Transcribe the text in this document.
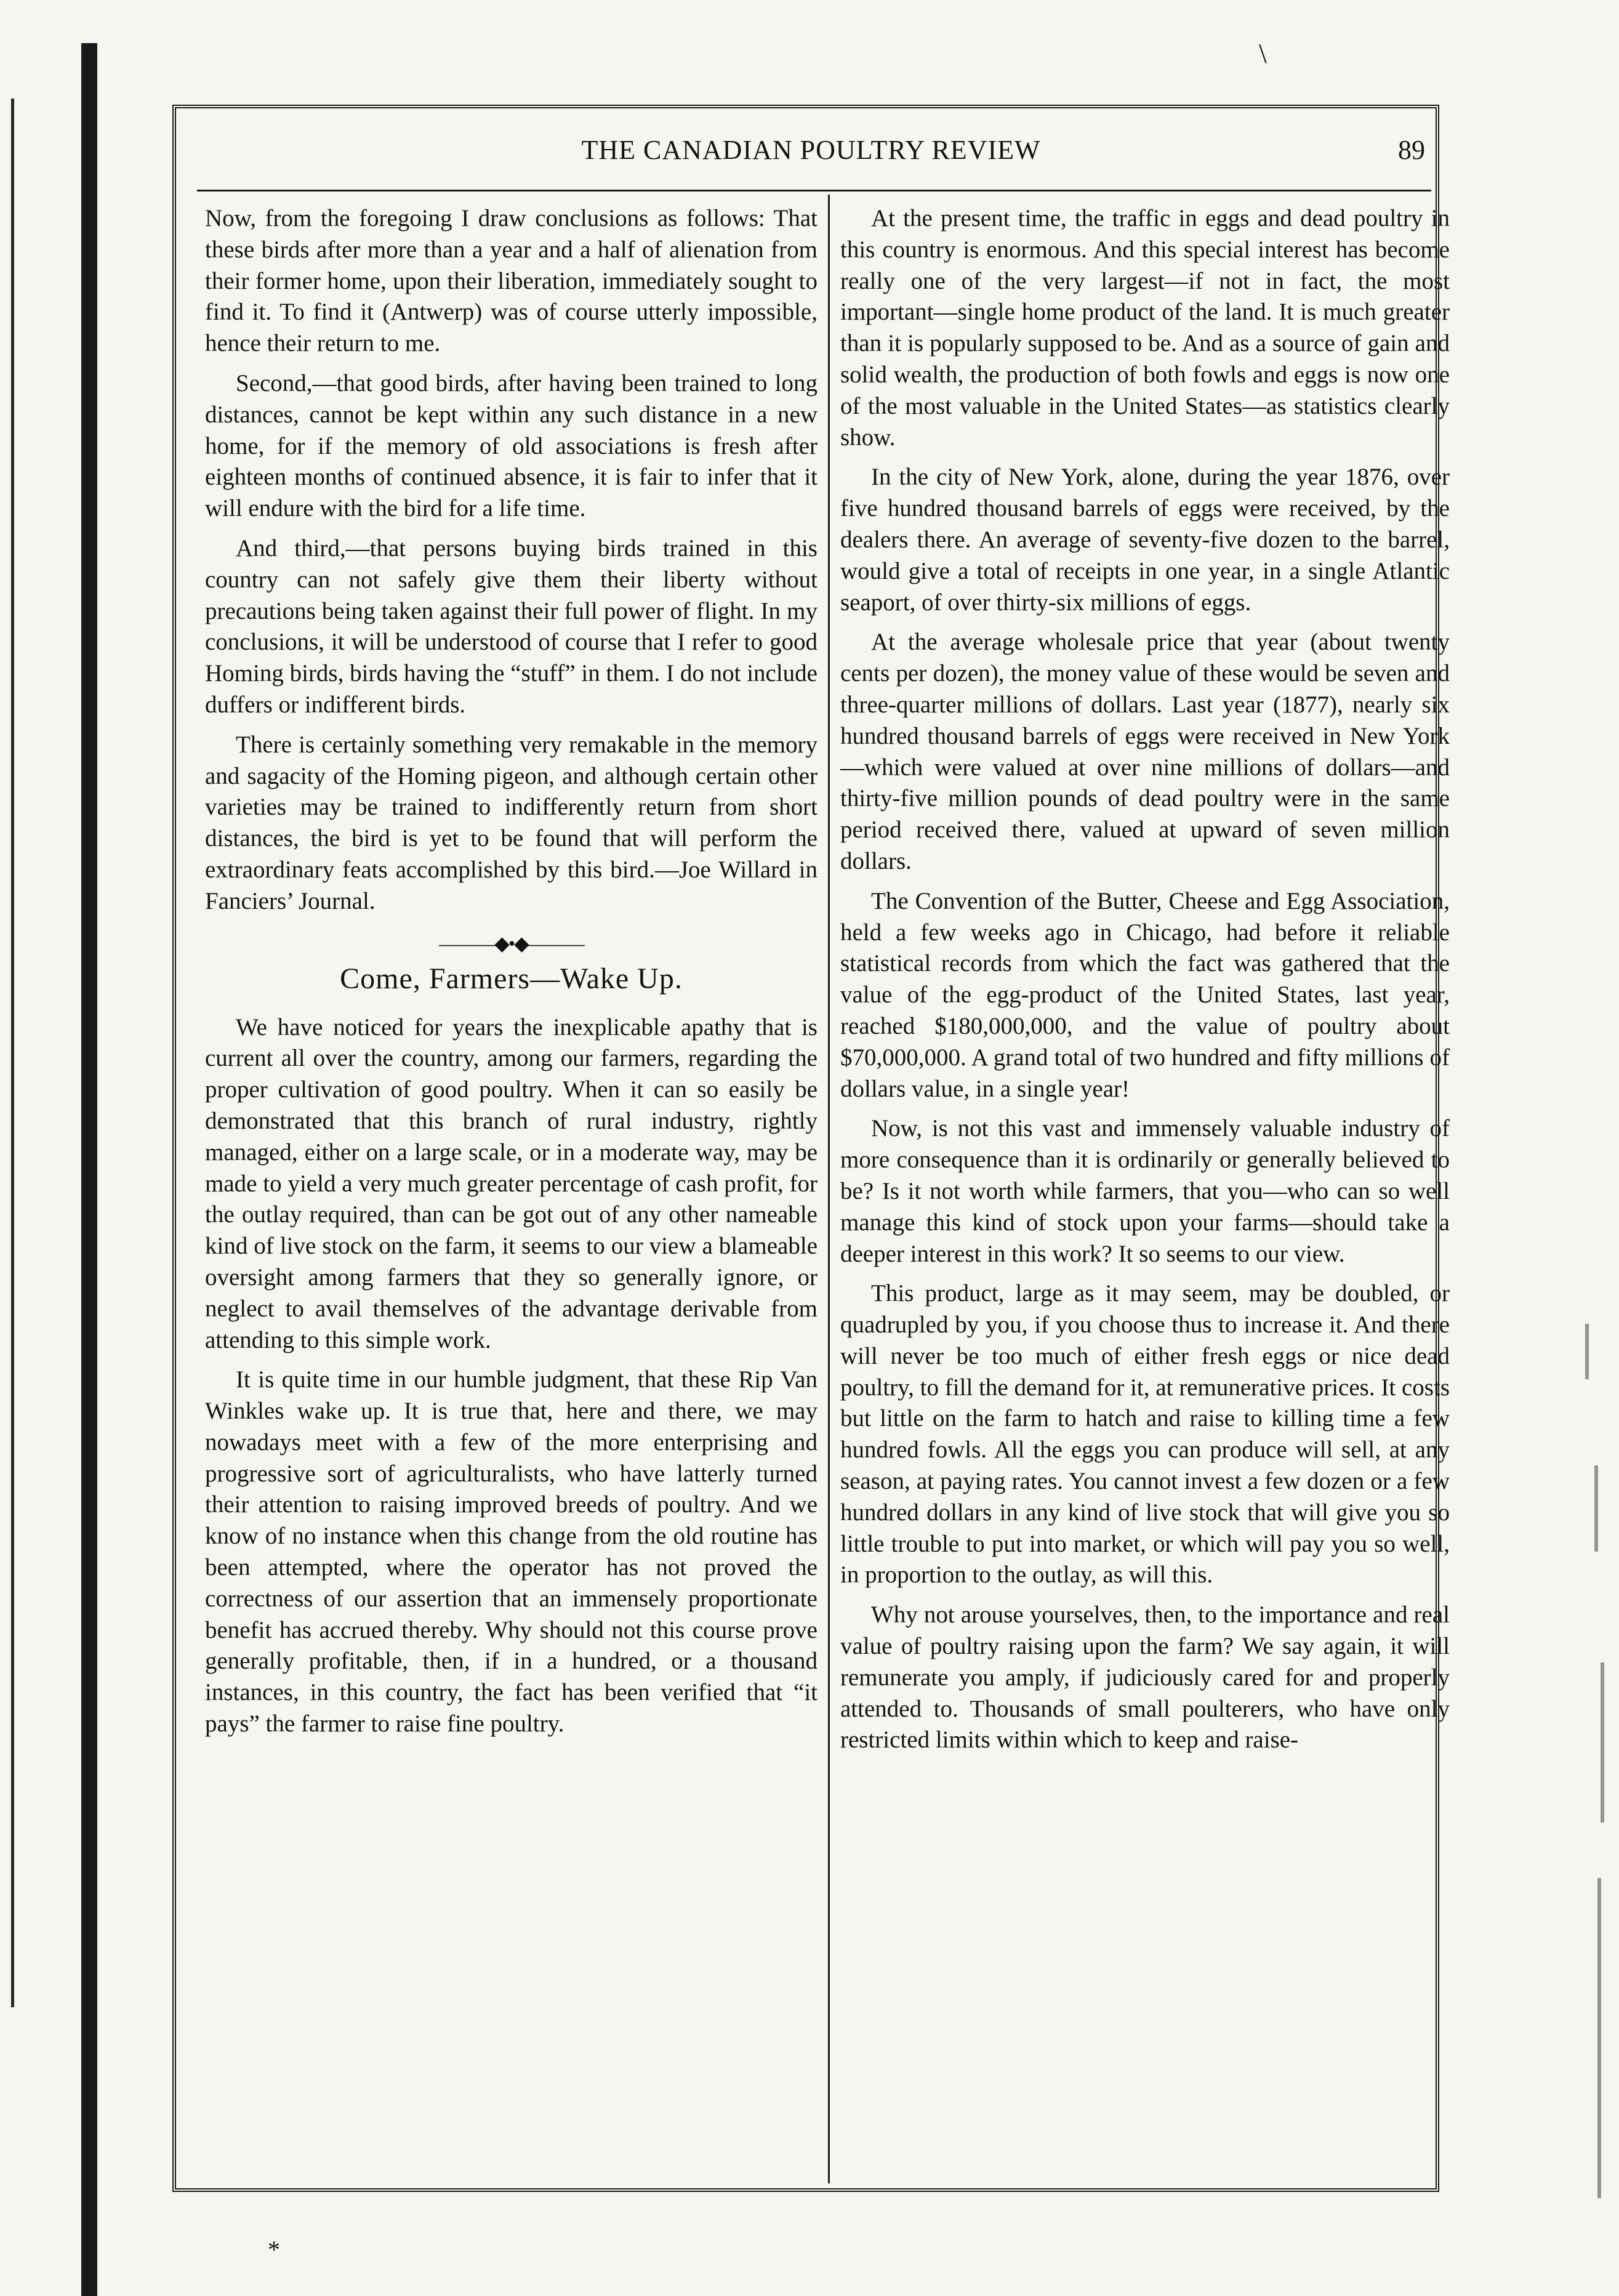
\
THE CANADIAN POULTRY REVIEW	89

Now, from the foregoing I draw conclusions as follows: That these birds after more than a year and a half of alienation from their former home, upon their liberation, immediately sought to find it. To find it (Antwerp) was of course utterly impossible, hence their return to me.

Second,—that good birds, after having been trained to long distances, cannot be kept within any such distance in a new home, for if the memory of old associations is fresh after eighteen months of continued absence, it is fair to infer that it will endure with the bird for a life time.

And third,—that persons buying birds trained in this country can not safely give them their liberty without precautions being taken against their full power of flight. In my conclusions, it will be understood of course that I refer to good Homing birds, birds having the “stuff” in them. I do not include duffers or indifferent birds.

There is certainly something very remakable in the memory and sagacity of the Homing pigeon, and although certain other varieties may be trained to indifferently return from short distances, the bird is yet to be found that will perform the extraordinary feats accomplished by this bird.—Joe Willard in Fanciers’ Journal.

———◆•◆———
Come, Farmers—Wake Up.

We have noticed for years the inexplicable apathy that is current all over the country, among our farmers, regarding the proper cultivation of good poultry. When it can so easily be demonstrated that this branch of rural industry, rightly managed, either on a large scale, or in a moderate way, may be made to yield a very much greater percentage of cash profit, for the outlay required, than can be got out of any other nameable kind of live stock on the farm, it seems to our view a blameable oversight among farmers that they so generally ignore, or neglect to avail themselves of the advantage derivable from attending to this simple work.

It is quite time in our humble judgment, that these Rip Van Winkles wake up. It is true that, here and there, we may nowadays meet with a few of the more enterprising and progressive sort of agriculturalists, who have latterly turned their attention to raising improved breeds of poultry. And we know of no instance when this change from the old routine has been attempted, where the operator has not proved the correctness of our assertion that an immensely proportionate benefit has accrued thereby. Why should not this course prove generally profitable, then, if in a hundred, or a thousand instances, in this country, the fact has been verified that “it pays” the farmer to raise fine poultry.

At the present time, the traffic in eggs and dead poultry in this country is enormous. And this special interest has become really one of the very largest—if not in fact, the most important—single home product of the land. It is much greater than it is popularly supposed to be. And as a source of gain and solid wealth, the production of both fowls and eggs is now one of the most valuable in the United States—as statistics clearly show.

In the city of New York, alone, during the year 1876, over five hundred thousand barrels of eggs were received, by the dealers there. An average of seventy-five dozen to the barrel, would give a total of receipts in one year, in a single Atlantic seaport, of over thirty-six millions of eggs.

At the average wholesale price that year (about twenty cents per dozen), the money value of these would be seven and three-quarter millions of dollars. Last year (1877), nearly six hundred thousand barrels of eggs were received in New York—which were valued at over nine millions of dollars—and thirty-five million pounds of dead poultry were in the same period received there, valued at upward of seven million dollars.

The Convention of the Butter, Cheese and Egg Association, held a few weeks ago in Chicago, had before it reliable statistical records from which the fact was gathered that the value of the egg-product of the United States, last year, reached $180,000,000, and the value of poultry about $70,000,000. A grand total of two hundred and fifty millions of dollars value, in a single year!

Now, is not this vast and immensely valuable industry of more consequence than it is ordinarily or generally believed to be? Is it not worth while farmers, that you—who can so well manage this kind of stock upon your farms—should take a deeper interest in this work? It so seems to our view.

This product, large as it may seem, may be doubled, or quadrupled by you, if you choose thus to increase it. And there will never be too much of either fresh eggs or nice dead poultry, to fill the demand for it, at remunerative prices. It costs but little on the farm to hatch and raise to killing time a few hundred fowls. All the eggs you can produce will sell, at any season, at paying rates. You cannot invest a few dozen or a few hundred dollars in any kind of live stock that will give you so little trouble to put into market, or which will pay you so well, in proportion to the outlay, as will this.

Why not arouse yourselves, then, to the importance and real value of poultry raising upon the farm? We say again, it will remunerate you amply, if judiciously cared for and properly attended to. Thousands of small poulterers, who have only restricted limits within which to keep and raise-

*
